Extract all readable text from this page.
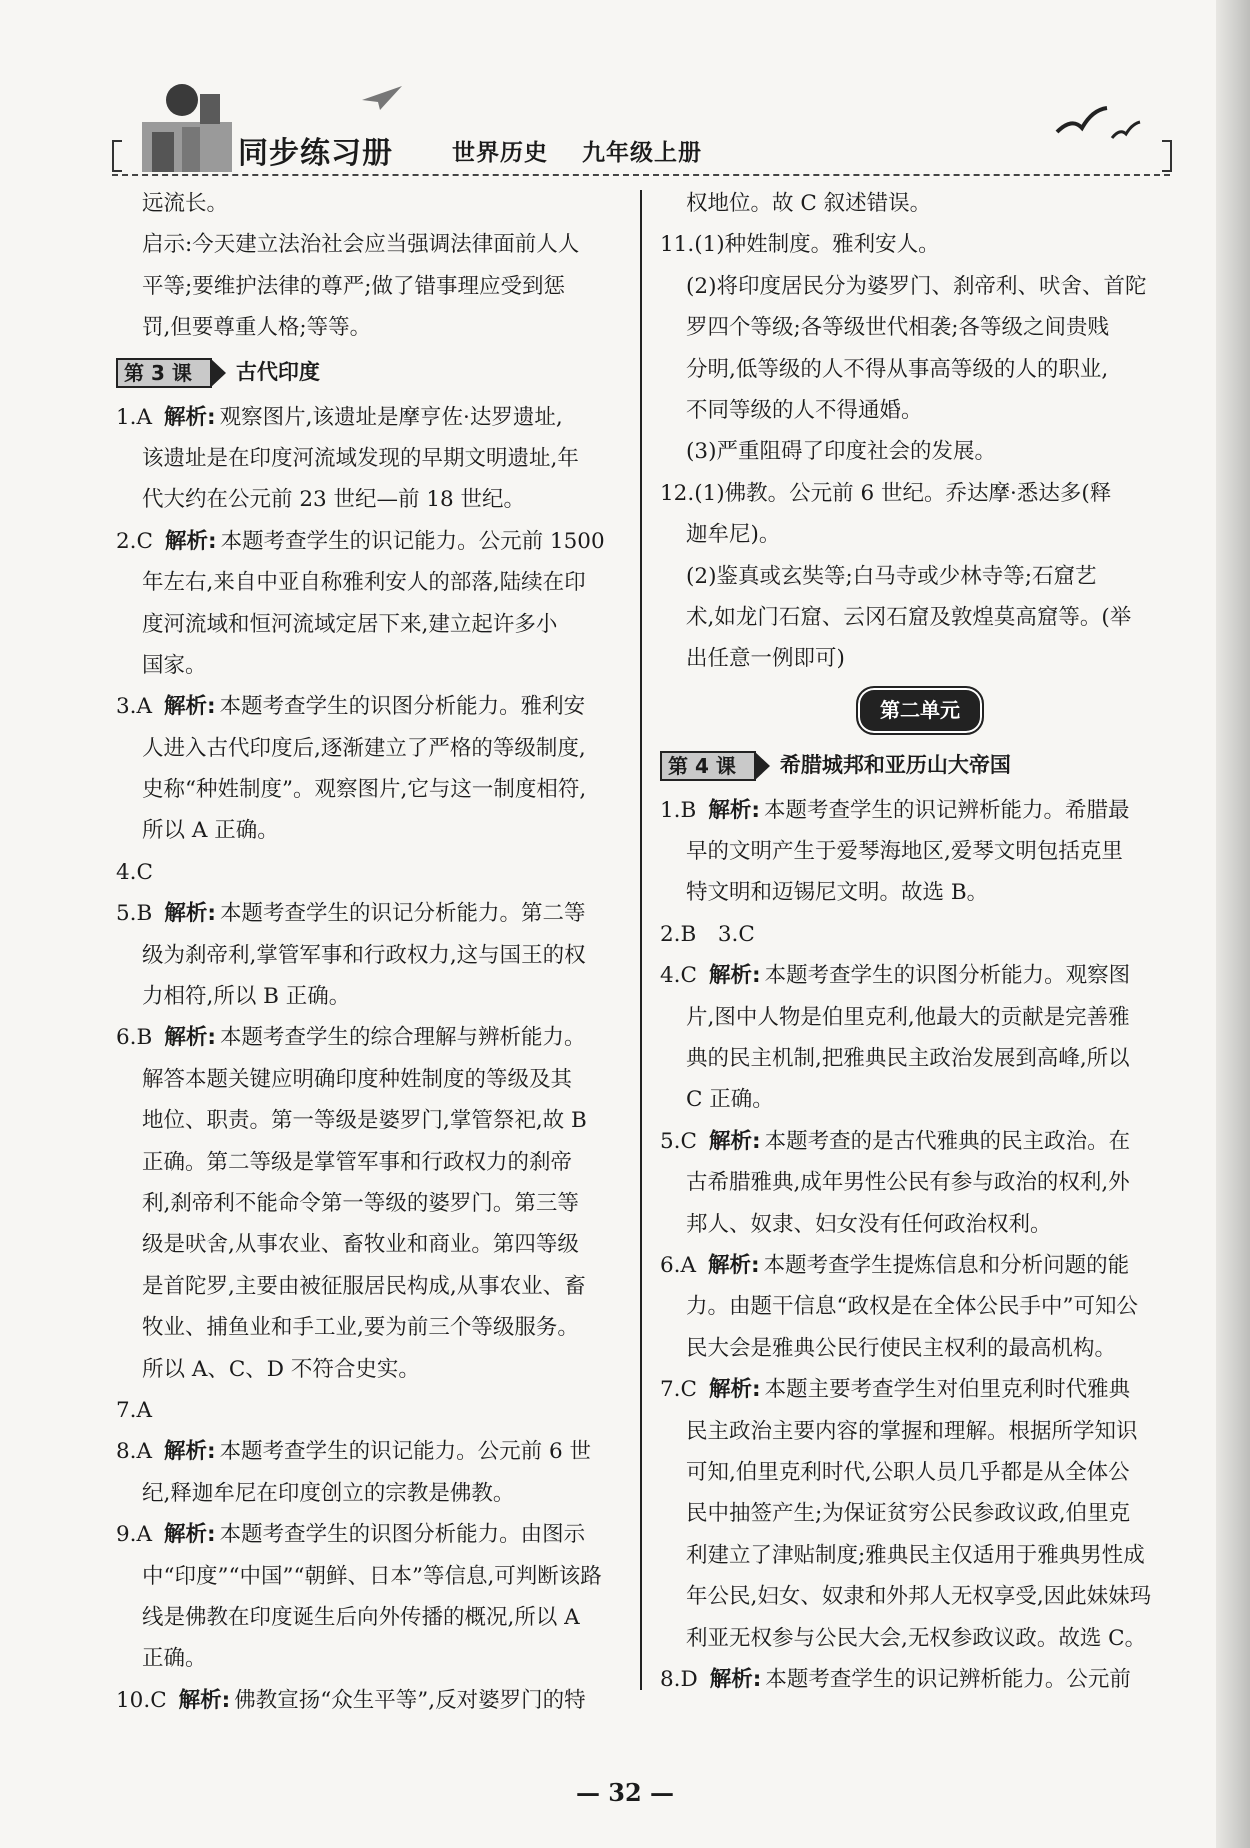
同步练习册	世界历史 九年级上册
远流长。
启示:今天建立法治社会应当强调法律面前人人
平等;要维护法律的尊严;做了错事理应受到惩
罚,但要尊重人格;等等。
第 3 课	古代印度
1.A 解析: 观察图片,该遗址是摩亨佐·达罗遗址,
该遗址是在印度河流域发现的早期文明遗址,年
代大约在公元前 23 世纪—前 18 世纪。
2.C 解析: 本题考查学生的识记能力。公元前 1500
年左右,来自中亚自称雅利安人的部落,陆续在印
度河流域和恒河流域定居下来,建立起许多小
国家。
3.A 解析: 本题考查学生的识图分析能力。雅利安
人进入古代印度后,逐渐建立了严格的等级制度,
史称“种姓制度”。观察图片,它与这一制度相符,
所以 A 正确。
4.C
5.B 解析: 本题考查学生的识记分析能力。第二等
级为刹帝利,掌管军事和行政权力,这与国王的权
力相符,所以 B 正确。
6.B 解析: 本题考查学生的综合理解与辨析能力。
解答本题关键应明确印度种姓制度的等级及其
地位、职责。第一等级是婆罗门,掌管祭祀,故 B
正确。第二等级是掌管军事和行政权力的刹帝
利,刹帝利不能命令第一等级的婆罗门。第三等
级是吠舍,从事农业、畜牧业和商业。第四等级
是首陀罗,主要由被征服居民构成,从事农业、畜
牧业、捕鱼业和手工业,要为前三个等级服务。
所以 A、C、D 不符合史实。
7.A
8.A 解析: 本题考查学生的识记能力。公元前 6 世
纪,释迦牟尼在印度创立的宗教是佛教。
9.A 解析: 本题考查学生的识图分析能力。由图示
中“印度”“中国”“朝鲜、日本”等信息,可判断该路
线是佛教在印度诞生后向外传播的概况,所以 A
正确。
10.C 解析: 佛教宣扬“众生平等”,反对婆罗门的特
权地位。故 C 叙述错误。
11.(1)种姓制度。雅利安人。
(2)将印度居民分为婆罗门、刹帝利、吠舍、首陀
罗四个等级;各等级世代相袭;各等级之间贵贱
分明,低等级的人不得从事高等级的人的职业,
不同等级的人不得通婚。
(3)严重阻碍了印度社会的发展。
12.(1)佛教。公元前 6 世纪。乔达摩·悉达多(释
迦牟尼)。
(2)鉴真或玄奘等;白马寺或少林寺等;石窟艺
术,如龙门石窟、云冈石窟及敦煌莫高窟等。(举
出任意一例即可)
第二单元
第 4 课	希腊城邦和亚历山大帝国
1.B 解析: 本题考查学生的识记辨析能力。希腊最
早的文明产生于爱琴海地区,爱琴文明包括克里
特文明和迈锡尼文明。故选 B。
2.B　3.C
4.C 解析: 本题考查学生的识图分析能力。观察图
片,图中人物是伯里克利,他最大的贡献是完善雅
典的民主机制,把雅典民主政治发展到高峰,所以
C 正确。
5.C 解析: 本题考查的是古代雅典的民主政治。在
古希腊雅典,成年男性公民有参与政治的权利,外
邦人、奴隶、妇女没有任何政治权利。
6.A 解析: 本题考查学生提炼信息和分析问题的能
力。由题干信息“政权是在全体公民手中”可知公
民大会是雅典公民行使民主权利的最高机构。
7.C 解析: 本题主要考查学生对伯里克利时代雅典
民主政治主要内容的掌握和理解。根据所学知识
可知,伯里克利时代,公职人员几乎都是从全体公
民中抽签产生;为保证贫穷公民参政议政,伯里克
利建立了津贴制度;雅典民主仅适用于雅典男性成
年公民,妇女、奴隶和外邦人无权享受,因此妹妹玛
利亚无权参与公民大会,无权参政议政。故选 C。
8.D 解析: 本题考查学生的识记辨析能力。公元前
— 32 —
